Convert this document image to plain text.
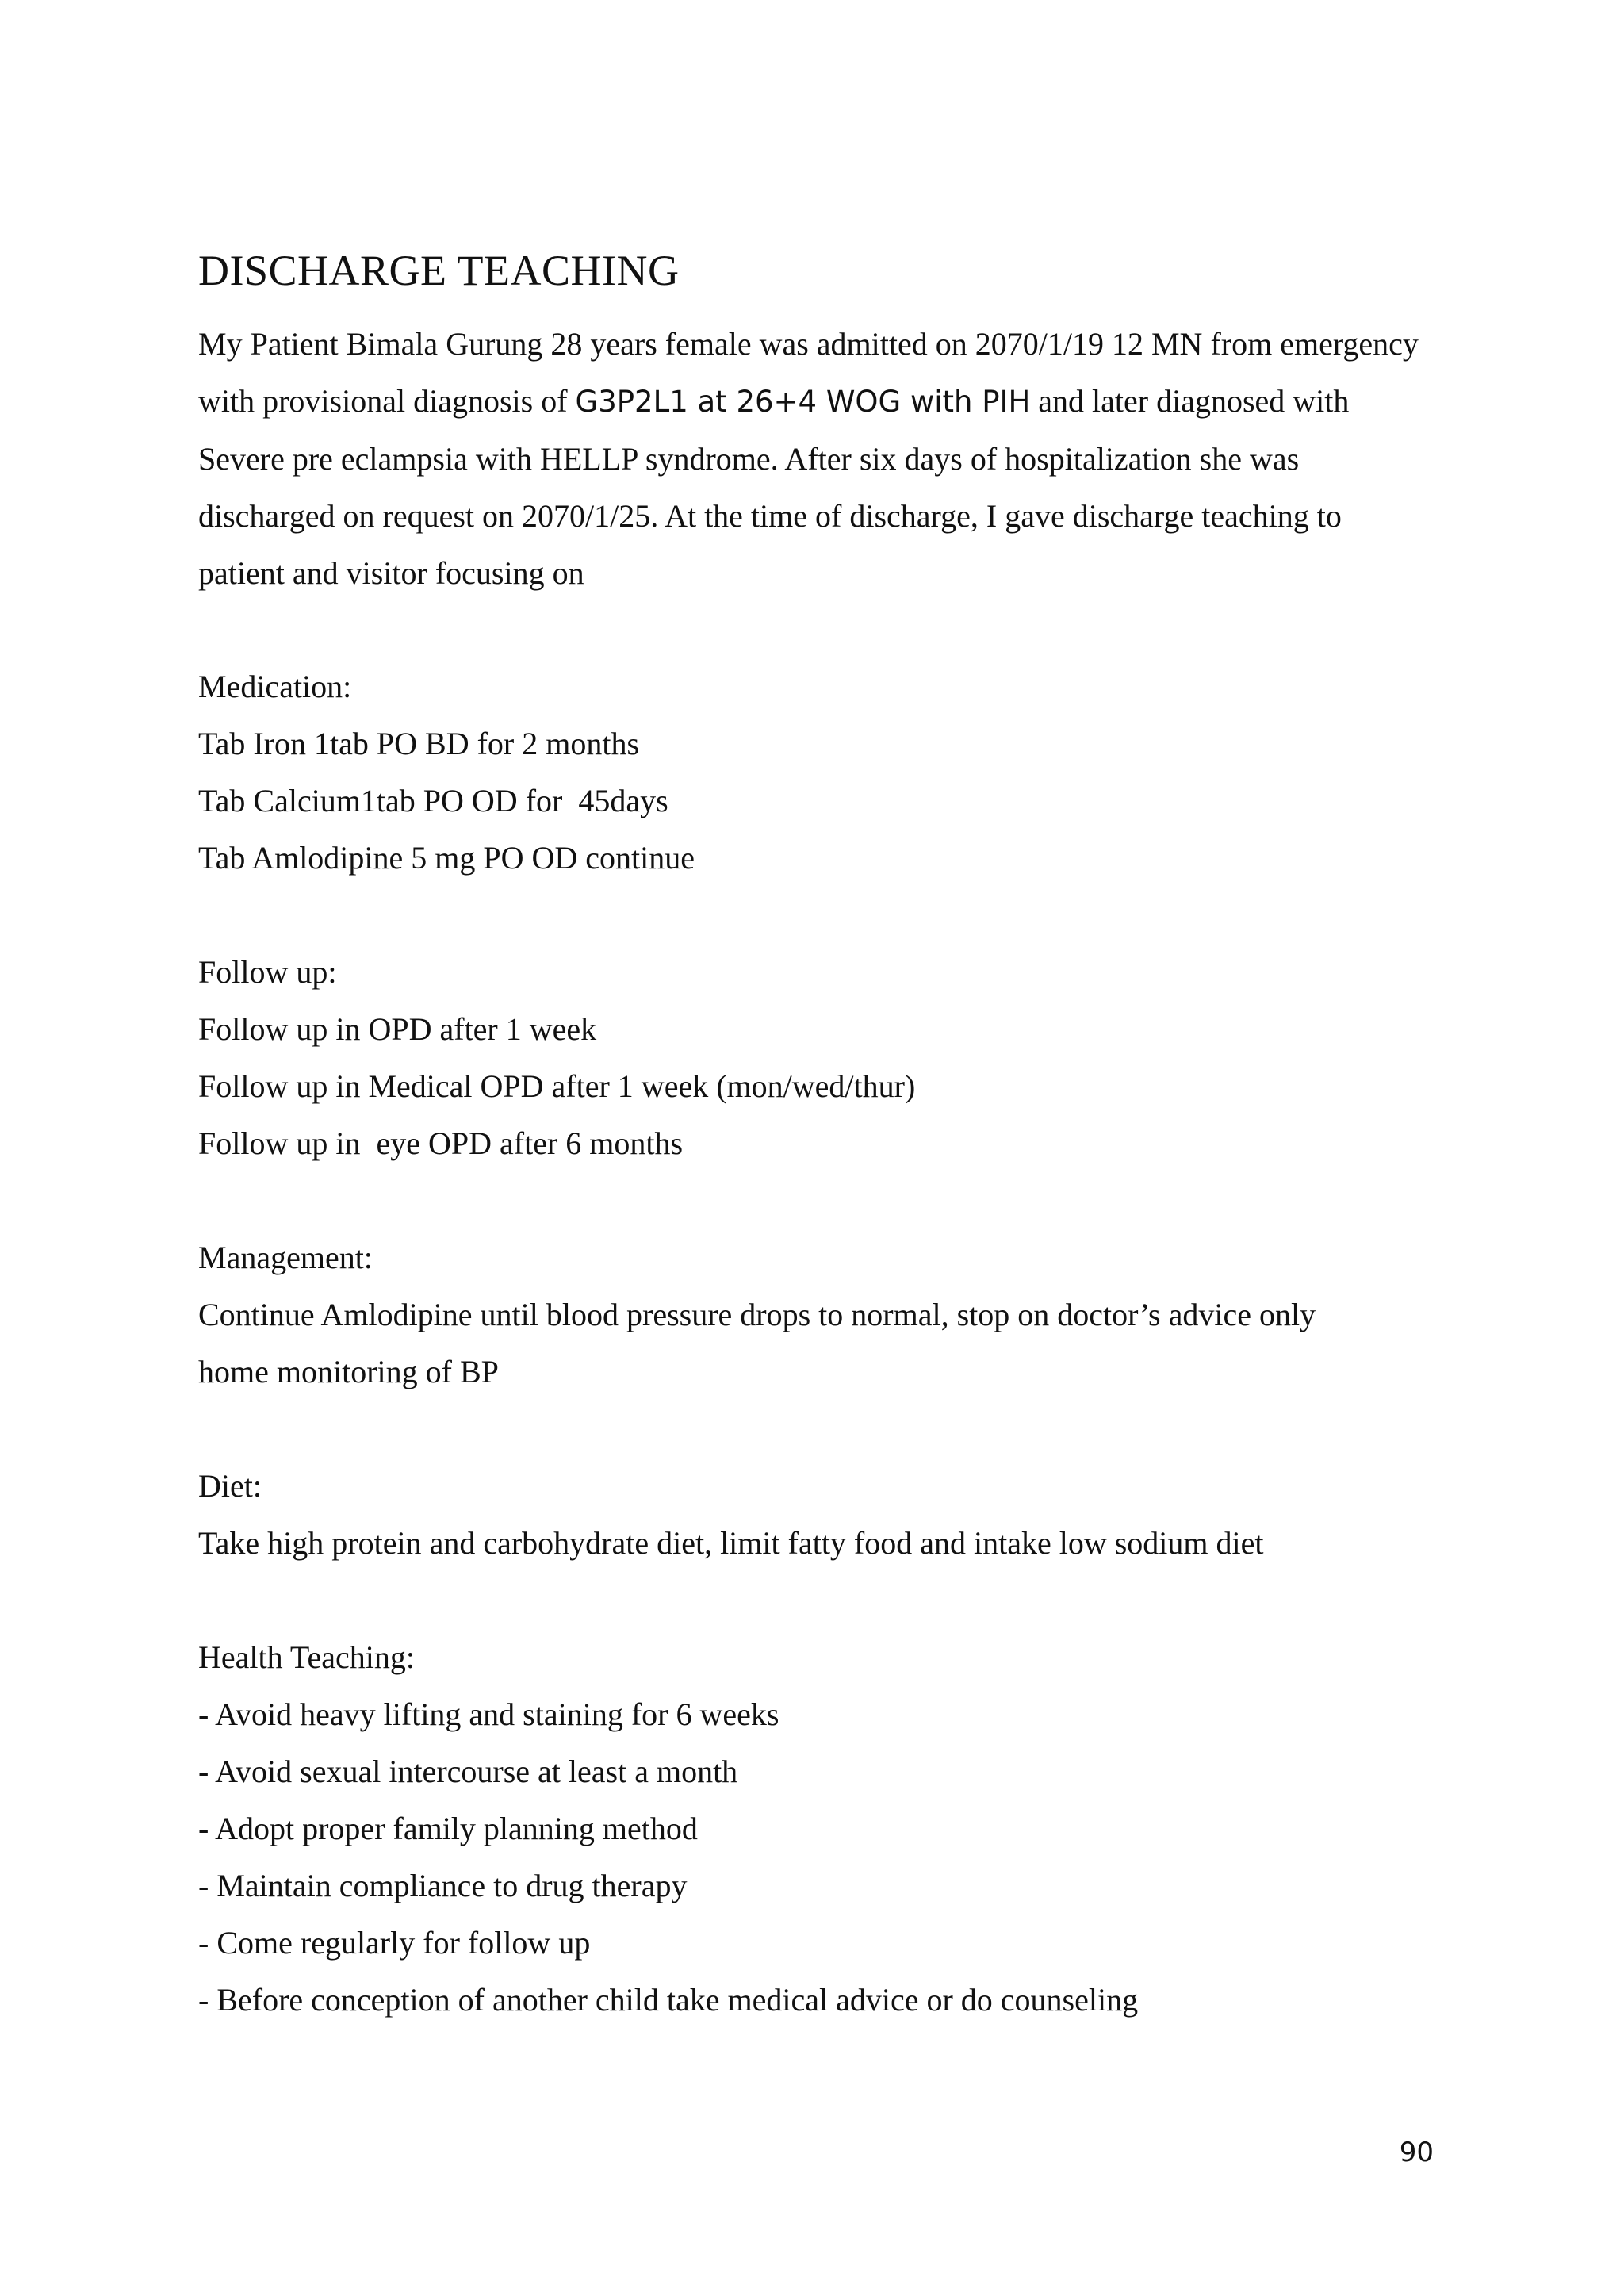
DISCHARGE TEACHING

My Patient Bimala Gurung 28 years female was admitted on 2070/1/19 12 MN from emergency with provisional diagnosis of G3P2L1 at 26+4 WOG with PIH and later diagnosed with Severe pre eclampsia with HELLP syndrome. After six days of hospitalization she was discharged on request on 2070/1/25. At the time of discharge, I gave discharge teaching to patient and visitor focusing on

Medication:
Tab Iron 1tab PO BD for 2 months
Tab Calcium1tab PO OD for  45days
Tab Amlodipine 5 mg PO OD continue
Follow up:
Follow up in OPD after 1 week
Follow up in Medical OPD after 1 week (mon/wed/thur)
Follow up in  eye OPD after 6 months
Management:
Continue Amlodipine until blood pressure drops to normal, stop on doctor’s advice only
home monitoring of BP
Diet:
Take high protein and carbohydrate diet, limit fatty food and intake low sodium diet
Health Teaching:
- Avoid heavy lifting and staining for 6 weeks
- Avoid sexual intercourse at least a month
- Adopt proper family planning method
- Maintain compliance to drug therapy
- Come regularly for follow up
- Before conception of another child take medical advice or do counseling
90
